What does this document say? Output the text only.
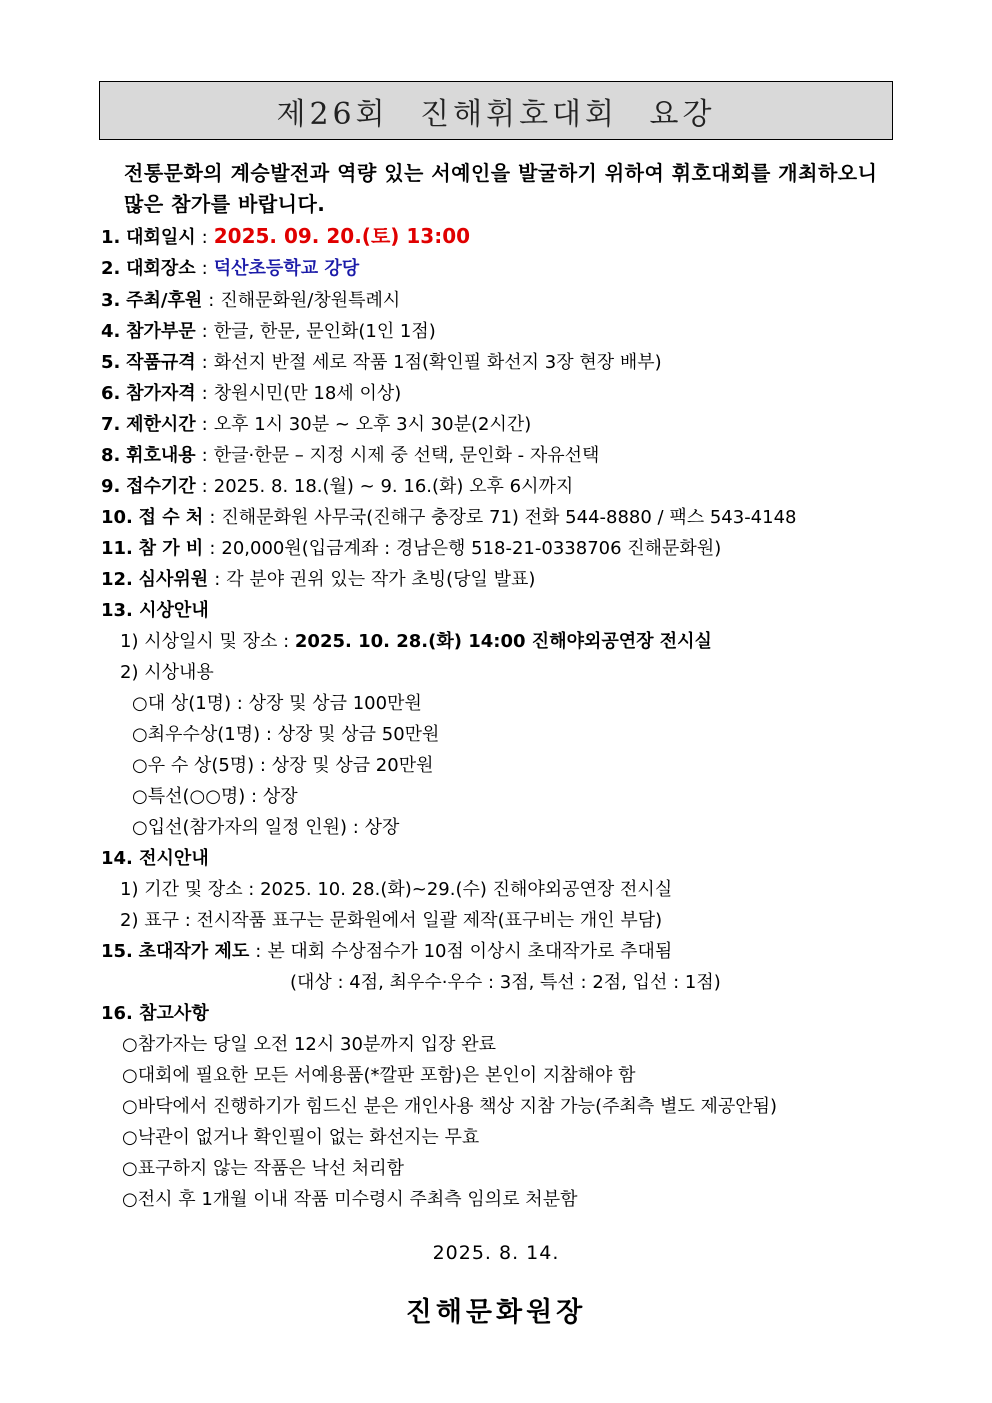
제26회 진해휘호대회 요강
전통문화의 계승발전과 역량 있는 서예인을 발굴하기 위하여 휘호대회를 개최하오니 많은 참가를 바랍니다.
1. 대회일시 : 2025. 09. 20.(토) 13:00
2. 대회장소 : 덕산초등학교 강당
3. 주최/후원 : 진해문화원/창원특례시
4. 참가부문 : 한글, 한문, 문인화(1인 1점)
5. 작품규격 : 화선지 반절 세로 작품 1점(확인필 화선지 3장 현장 배부)
6. 참가자격 : 창원시민(만 18세 이상)
7. 제한시간 : 오후 1시 30분 ~ 오후 3시 30분(2시간)
8. 휘호내용 : 한글·한문 – 지정 시제 중 선택, 문인화 - 자유선택
9. 접수기간 : 2025. 8. 18.(월) ~ 9. 16.(화) 오후 6시까지
10. 접 수 처 : 진해문화원 사무국(진해구 충장로 71) 전화 544-8880 / 팩스 543-4148
11. 참 가 비 : 20,000원(입금계좌 : 경남은행 518-21-0338706 진해문화원)
12. 심사위원 : 각 분야 권위 있는 작가 초빙(당일 발표)
13. 시상안내
1) 시상일시 및 장소 : 2025. 10. 28.(화) 14:00 진해야외공연장 전시실
2) 시상내용
○대 상(1명) : 상장 및 상금 100만원
○최우수상(1명) : 상장 및 상금 50만원
○우 수 상(5명) : 상장 및 상금 20만원
○특선(○○명) : 상장
○입선(참가자의 일정 인원) : 상장
14. 전시안내
1) 기간 및 장소 : 2025. 10. 28.(화)~29.(수) 진해야외공연장 전시실
2) 표구 : 전시작품 표구는 문화원에서 일괄 제작(표구비는 개인 부담)
15. 초대작가 제도 : 본 대회 수상점수가 10점 이상시 초대작가로 추대됨
(대상 : 4점, 최우수·우수 : 3점, 특선 : 2점, 입선 : 1점)
16. 참고사항
○참가자는 당일 오전 12시 30분까지 입장 완료
○대회에 필요한 모든 서예용품(*깔판 포함)은 본인이 지참해야 함
○바닥에서 진행하기가 힘드신 분은 개인사용 책상 지참 가능(주최측 별도 제공안됨)
○낙관이 없거나 확인필이 없는 화선지는 무효
○표구하지 않는 작품은 낙선 처리함
○전시 후 1개월 이내 작품 미수령시 주최측 임의로 처분함
2025. 8. 14.
진해문화원장
